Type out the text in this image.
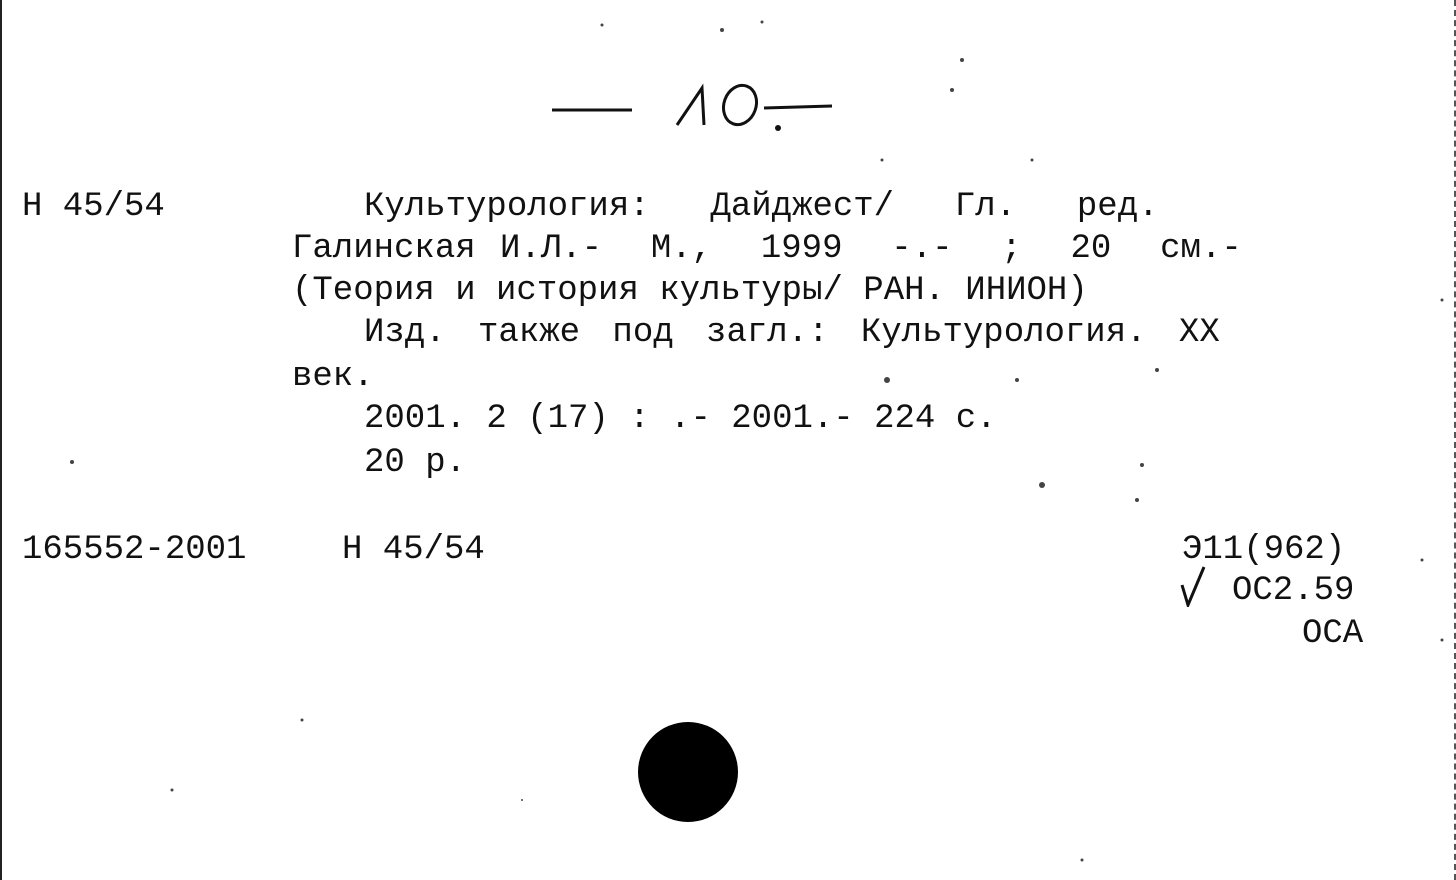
Н 45/54	Культурология:  Дайджест/  Гл.  ред.
Галинская И.Л.-  М.,  1999  -.-  ;  20  см.-
(Теория и история культуры/ РАН. ИНИОН)
Изд. также под загл.: Культурология. XX
век.
2001. 2 (17) : .- 2001.- 224 с.
20 р.
165552-2001	Н 45/54	Э11(962)
ОС2.59
ОСА
